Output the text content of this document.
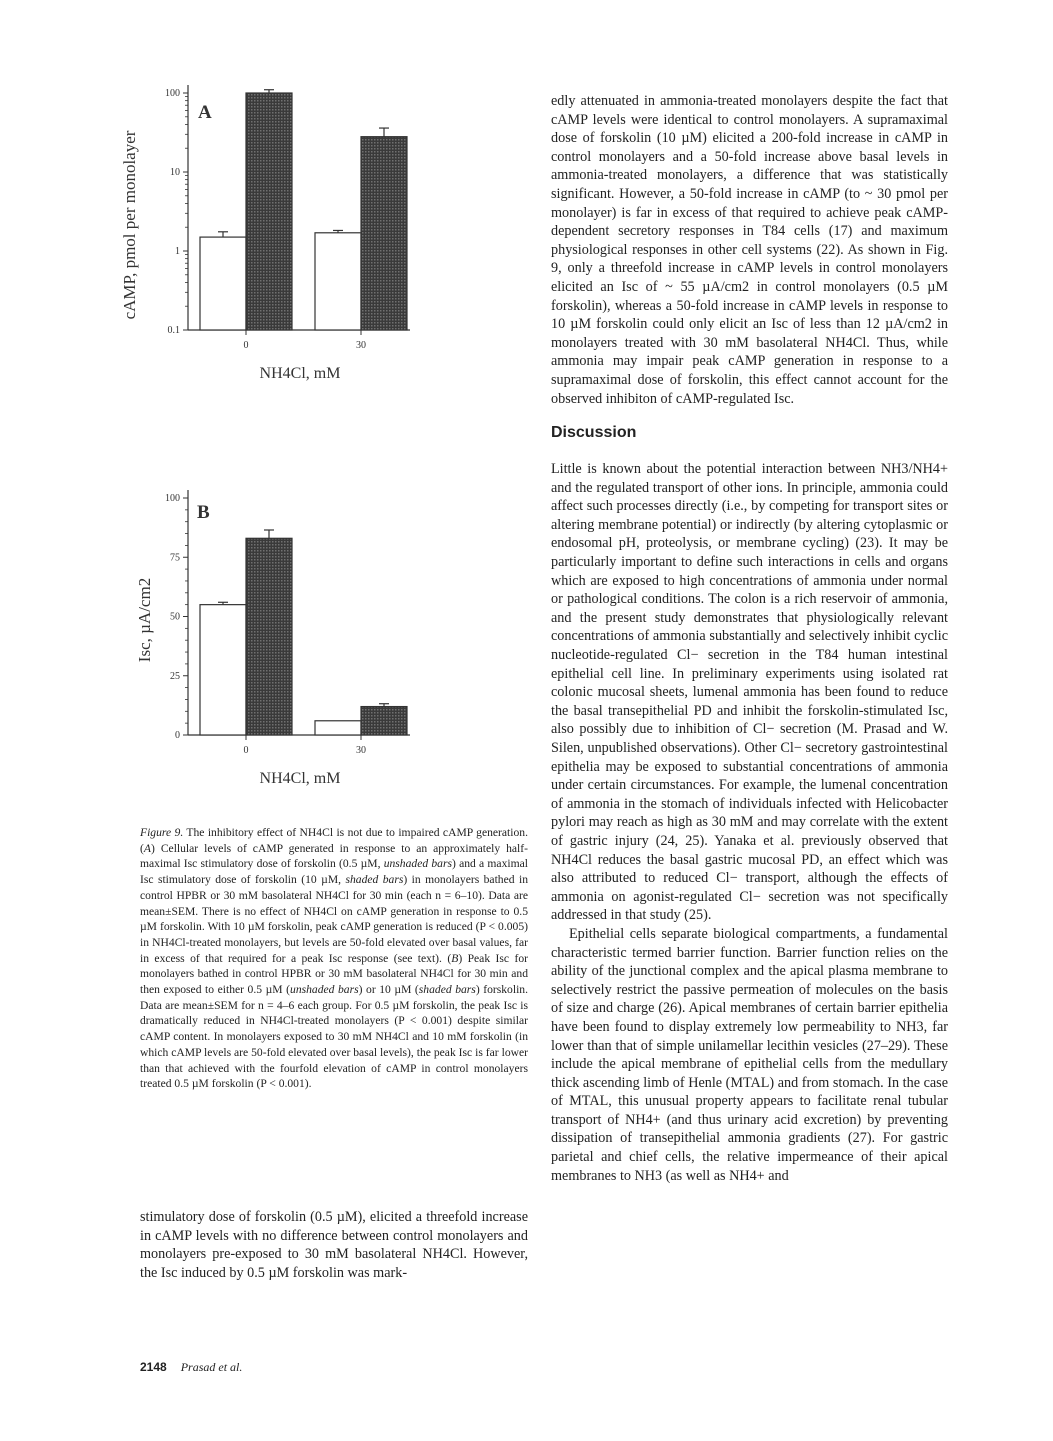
cAMP, pmol per monolayer
A
NH4Cl, mM
100
10
1
0.1
0	30
Isc, µA/cm2
B
NH4Cl, mM
100
75
50
25
0
0	30

Figure 9. The inhibitory effect of NH4Cl is not due to impaired cAMP generation. (A) Cellular levels of cAMP generated in response to an approximately half-maximal Isc stimulatory dose of forskolin (0.5 µM, unshaded bars) and a maximal Isc stimulatory dose of forskolin (10 µM, shaded bars) in monolayers bathed in control HPBR or 30 mM basolateral NH4Cl for 30 min (each n = 6–10). Data are mean±SEM. There is no effect of NH4Cl on cAMP generation in response to 0.5 µM forskolin. With 10 µM forskolin, peak cAMP generation is reduced (P < 0.005) in NH4Cl-treated monolayers, but levels are 50-fold elevated over basal values, far in excess of that required for a peak Isc response (see text). (B) Peak Isc for monolayers bathed in control HPBR or 30 mM basolateral NH4Cl for 30 min and then exposed to either 0.5 µM (unshaded bars) or 10 µM (shaded bars) forskolin. Data are mean±SEM for n = 4–6 each group. For 0.5 µM forskolin, the peak Isc is dramatically reduced in NH4Cl-treated monolayers (P < 0.001) despite similar cAMP content. In monolayers exposed to 30 mM NH4Cl and 10 mM forskolin (in which cAMP levels are 50-fold elevated over basal levels), the peak Isc is far lower than that achieved with the fourfold elevation of cAMP in control monolayers treated 0.5 µM forskolin (P < 0.001).

stimulatory dose of forskolin (0.5 µM), elicited a threefold increase in cAMP levels with no difference between control monolayers and monolayers pre-exposed to 30 mM basolateral NH4Cl. However, the Isc induced by 0.5 µM forskolin was mark-

edly attenuated in ammonia-treated monolayers despite the fact that cAMP levels were identical to control monolayers. A supramaximal dose of forskolin (10 µM) elicited a 200-fold increase in cAMP in control monolayers and a 50-fold increase above basal levels in ammonia-treated monolayers, a difference that was statistically significant. However, a 50-fold increase in cAMP (to ~ 30 pmol per monolayer) is far in excess of that required to achieve peak cAMP-dependent secretory responses in T84 cells (17) and maximum physiological responses in other cell systems (22). As shown in Fig. 9, only a threefold increase in cAMP levels in control monolayers elicited an Isc of ~ 55 µA/cm2 in control monolayers (0.5 µM forskolin), whereas a 50-fold increase in cAMP levels in response to 10 µM forskolin could only elicit an Isc of less than 12 µA/cm2 in monolayers treated with 30 mM basolateral NH4Cl. Thus, while ammonia may impair peak cAMP generation in response to a supramaximal dose of forskolin, this effect cannot account for the observed inhibiton of cAMP-regulated Isc.

Discussion

Little is known about the potential interaction between NH3/NH4+ and the regulated transport of other ions. In principle, ammonia could affect such processes directly (i.e., by competing for transport sites or altering membrane potential) or indirectly (by altering cytoplasmic or endosomal pH, proteolysis, or membrane cycling) (23). It may be particularly important to define such interactions in cells and organs which are exposed to high concentrations of ammonia under normal or pathological conditions. The colon is a rich reservoir of ammonia, and the present study demonstrates that physiologically relevant concentrations of ammonia substantially and selectively inhibit cyclic nucleotide-regulated Cl− secretion in the T84 human intestinal epithelial cell line. In preliminary experiments using isolated rat colonic mucosal sheets, lumenal ammonia has been found to reduce the basal transepithelial PD and inhibit the forskolin-stimulated Isc, also possibly due to inhibition of Cl− secretion (M. Prasad and W. Silen, unpublished observations). Other Cl− secretory gastrointestinal epithelia may be exposed to substantial concentrations of ammonia under certain circumstances. For example, the lumenal concentration of ammonia in the stomach of individuals infected with Helicobacter pylori may reach as high as 30 mM and may correlate with the extent of gastric injury (24, 25). Yanaka et al. previously observed that NH4Cl reduces the basal gastric mucosal PD, an effect which was also attributed to reduced Cl− transport, although the effects of ammonia on agonist-regulated Cl− secretion was not specifically addressed in that study (25).

Epithelial cells separate biological compartments, a fundamental characteristic termed barrier function. Barrier function relies on the ability of the junctional complex and the apical plasma membrane to selectively restrict the passive permeation of molecules on the basis of size and charge (26). Apical membranes of certain barrier epithelia have been found to display extremely low permeability to NH3, far lower than that of simple unilamellar lecithin vesicles (27–29). These include the apical membrane of epithelial cells from the medullary thick ascending limb of Henle (MTAL) and from stomach. In the case of MTAL, this unusual property appears to facilitate renal tubular transport of NH4+ (and thus urinary acid excretion) by preventing dissipation of transepithelial ammonia gradients (27). For gastric parietal and chief cells, the relative impermeance of their apical membranes to NH3 (as well as NH4+ and

2148 Prasad et al.
